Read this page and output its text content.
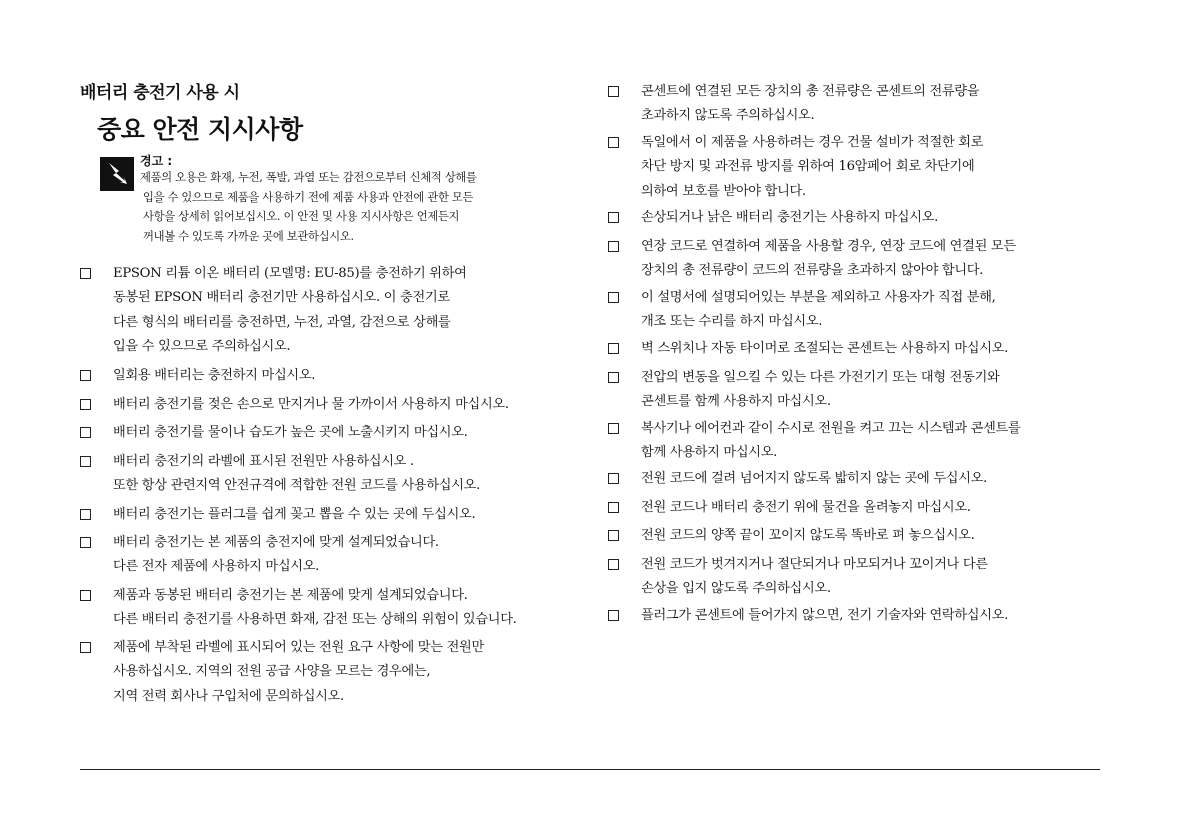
배터리 충전기 사용 시
중요 안전 지시사항
경고 :
제품의 오용은 화재, 누전, 폭발, 과열 또는 감전으로부터 신체적 상해를
입을 수 있으므로 제품을 사용하기 전에 제품 사용과 안전에 관한 모든
사항을 상세히 읽어보십시오. 이 안전 및 사용 지시사항은 언제든지
꺼내볼 수 있도록 가까운 곳에 보관하십시오.
EPSON 리튬 이온 배터리 (모델명: EU-85)를 충전하기 위하여
동봉된 EPSON 배터리 충전기만 사용하십시오. 이 충전기로
다른 형식의 배터리를 충전하면, 누전, 과열, 감전으로 상해를
입을 수 있으므로 주의하십시오.
일회용 배터리는 충전하지 마십시오.
배터리 충전기를 젖은 손으로 만지거나 물 가까이서 사용하지 마십시오.
배터리 충전기를 물이나 습도가 높은 곳에 노출시키지 마십시오.
배터리 충전기의 라벨에 표시된 전원만 사용하십시오 .
또한 항상 관련지역 안전규격에 적합한 전원 코드를 사용하십시오.
배터리 충전기는 플러그를 쉽게 꽂고 뽑을 수 있는 곳에 두십시오.
배터리 충전기는 본 제품의 충전지에 맞게 설계되었습니다.
다른 전자 제품에 사용하지 마십시오.
제품과 동봉된 배터리 충전기는 본 제품에 맞게 설계되었습니다.
다른 배터리 충전기를 사용하면 화재, 감전 또는 상해의 위험이 있습니다.
제품에 부착된 라벨에 표시되어 있는 전원 요구 사항에 맞는 전원만
사용하십시오. 지역의 전원 공급 사양을 모르는 경우에는,
지역 전력 회사나 구입처에 문의하십시오.
콘센트에 연결된 모든 장치의 총 전류량은 콘센트의 전류량을
초과하지 않도록 주의하십시오.
독일에서 이 제품을 사용하려는 경우 건물 설비가 적절한 회로
차단 방지 및 과전류 방지를 위하여 16암페어 회로 차단기에
의하여 보호를 받아야 합니다.
손상되거나 낡은 배터리 충전기는 사용하지 마십시오.
연장 코드로 연결하여 제품을 사용할 경우, 연장 코드에 연결된 모든
장치의 총 전류량이 코드의 전류량을 초과하지 않아야 합니다.
이 설명서에 설명되어있는 부분을 제외하고 사용자가 직접 분해,
개조 또는 수리를 하지 마십시오.
벽 스위치나 자동 타이머로 조절되는 콘센트는 사용하지 마십시오.
전압의 변동을 일으킬 수 있는 다른 가전기기 또는 대형 전동기와
콘센트를 함께 사용하지 마십시오.
복사기나 에어컨과 같이 수시로 전원을 켜고 끄는 시스템과 콘센트를
함께 사용하지 마십시오.
전원 코드에 걸려 넘어지지 않도록 밟히지 않는 곳에 두십시오.
전원 코드나 배터리 충전기 위에 물건을 올려놓지 마십시오.
전원 코드의 양쪽 끝이 꼬이지 않도록 똑바로 펴 놓으십시오.
전원 코드가 벗겨지거나 절단되거나 마모되거나 꼬이거나 다른
손상을 입지 않도록 주의하십시오.
플러그가 콘센트에 들어가지 않으면, 전기 기술자와 연락하십시오.
